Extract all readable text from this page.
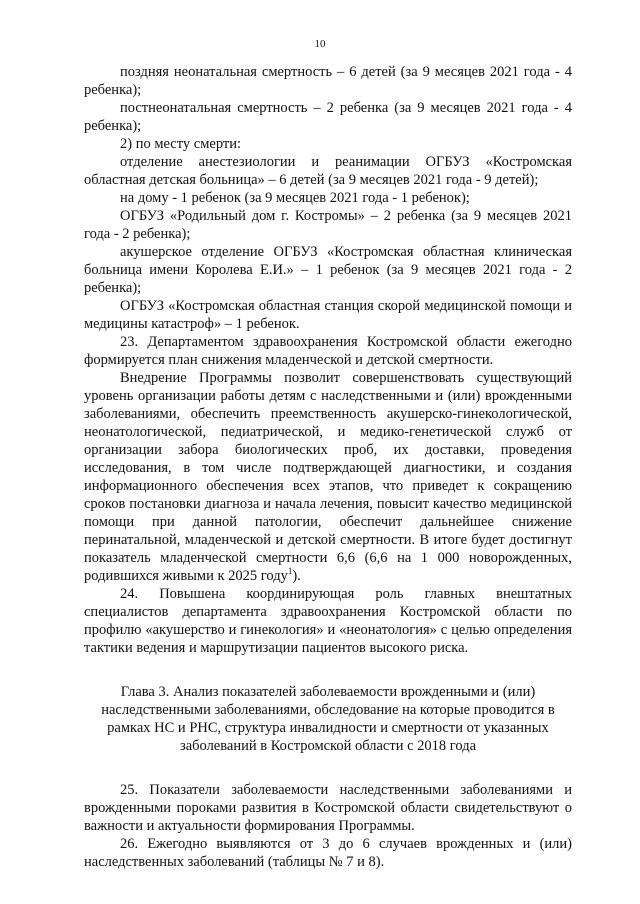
10

поздняя неонатальная смертность – 6 детей (за 9 месяцев 2021 года - 4 ребенка);

постнеонатальная смертность – 2 ребенка (за 9 месяцев 2021 года - 4 ребенка);

2) по месту смерти:

отделение анестезиологии и реанимации ОГБУЗ «Костромская областная детская больница» – 6 детей (за 9 месяцев 2021 года - 9 детей);

на дому - 1 ребенок (за 9 месяцев 2021 года - 1 ребенок);

ОГБУЗ «Родильный дом г. Костромы» – 2 ребенка (за 9 месяцев 2021 года - 2 ребенка);

акушерское отделение ОГБУЗ «Костромская областная клиническая больница имени Королева Е.И.» – 1 ребенок (за 9 месяцев 2021 года - 2 ребенка);

ОГБУЗ «Костромская областная станция скорой медицинской помощи и медицины катастроф» – 1 ребенок.

23. Департаментом здравоохранения Костромской области ежегодно формируется план снижения младенческой и детской смертности.

Внедрение Программы позволит совершенствовать существующий уровень организации работы детям с наследственными и (или) врожденными заболеваниями, обеспечить преемственность акушерско-гинекологической, неонатологической, педиатрической, и медико-генетической служб от организации забора биологических проб, их доставки, проведения исследования, в том числе подтверждающей диагностики, и создания информационного обеспечения всех этапов, что приведет к сокращению сроков постановки диагноза и начала лечения, повысит качество медицинской помощи при данной патологии, обеспечит дальнейшее снижение перинатальной, младенческой и детской смертности. В итоге будет достигнут показатель младенческой смертности 6,6 (6,6 на 1 000 новорожденных, родившихся живыми к 2025 году$^1$).

24. Повышена координирующая роль главных внештатных специалистов департамента здравоохранения Костромской области по профилю «акушерство и гинекология» и «неонатология» с целью определения тактики ведения и маршрутизации пациентов высокого риска.

Глава 3. Анализ показателей заболеваемости врожденными и (или) наследственными заболеваниями, обследование на которые проводится в рамках НС и РНС, структура инвалидности и смертности от указанных заболеваний в Костромской области с 2018 года

25. Показатели заболеваемости наследственными заболеваниями и врожденными пороками развития в Костромской области свидетельствуют о важности и актуальности формирования Программы.

26. Ежегодно выявляются от 3 до 6 случаев врожденных и (или) наследственных заболеваний (таблицы № 7 и 8).
